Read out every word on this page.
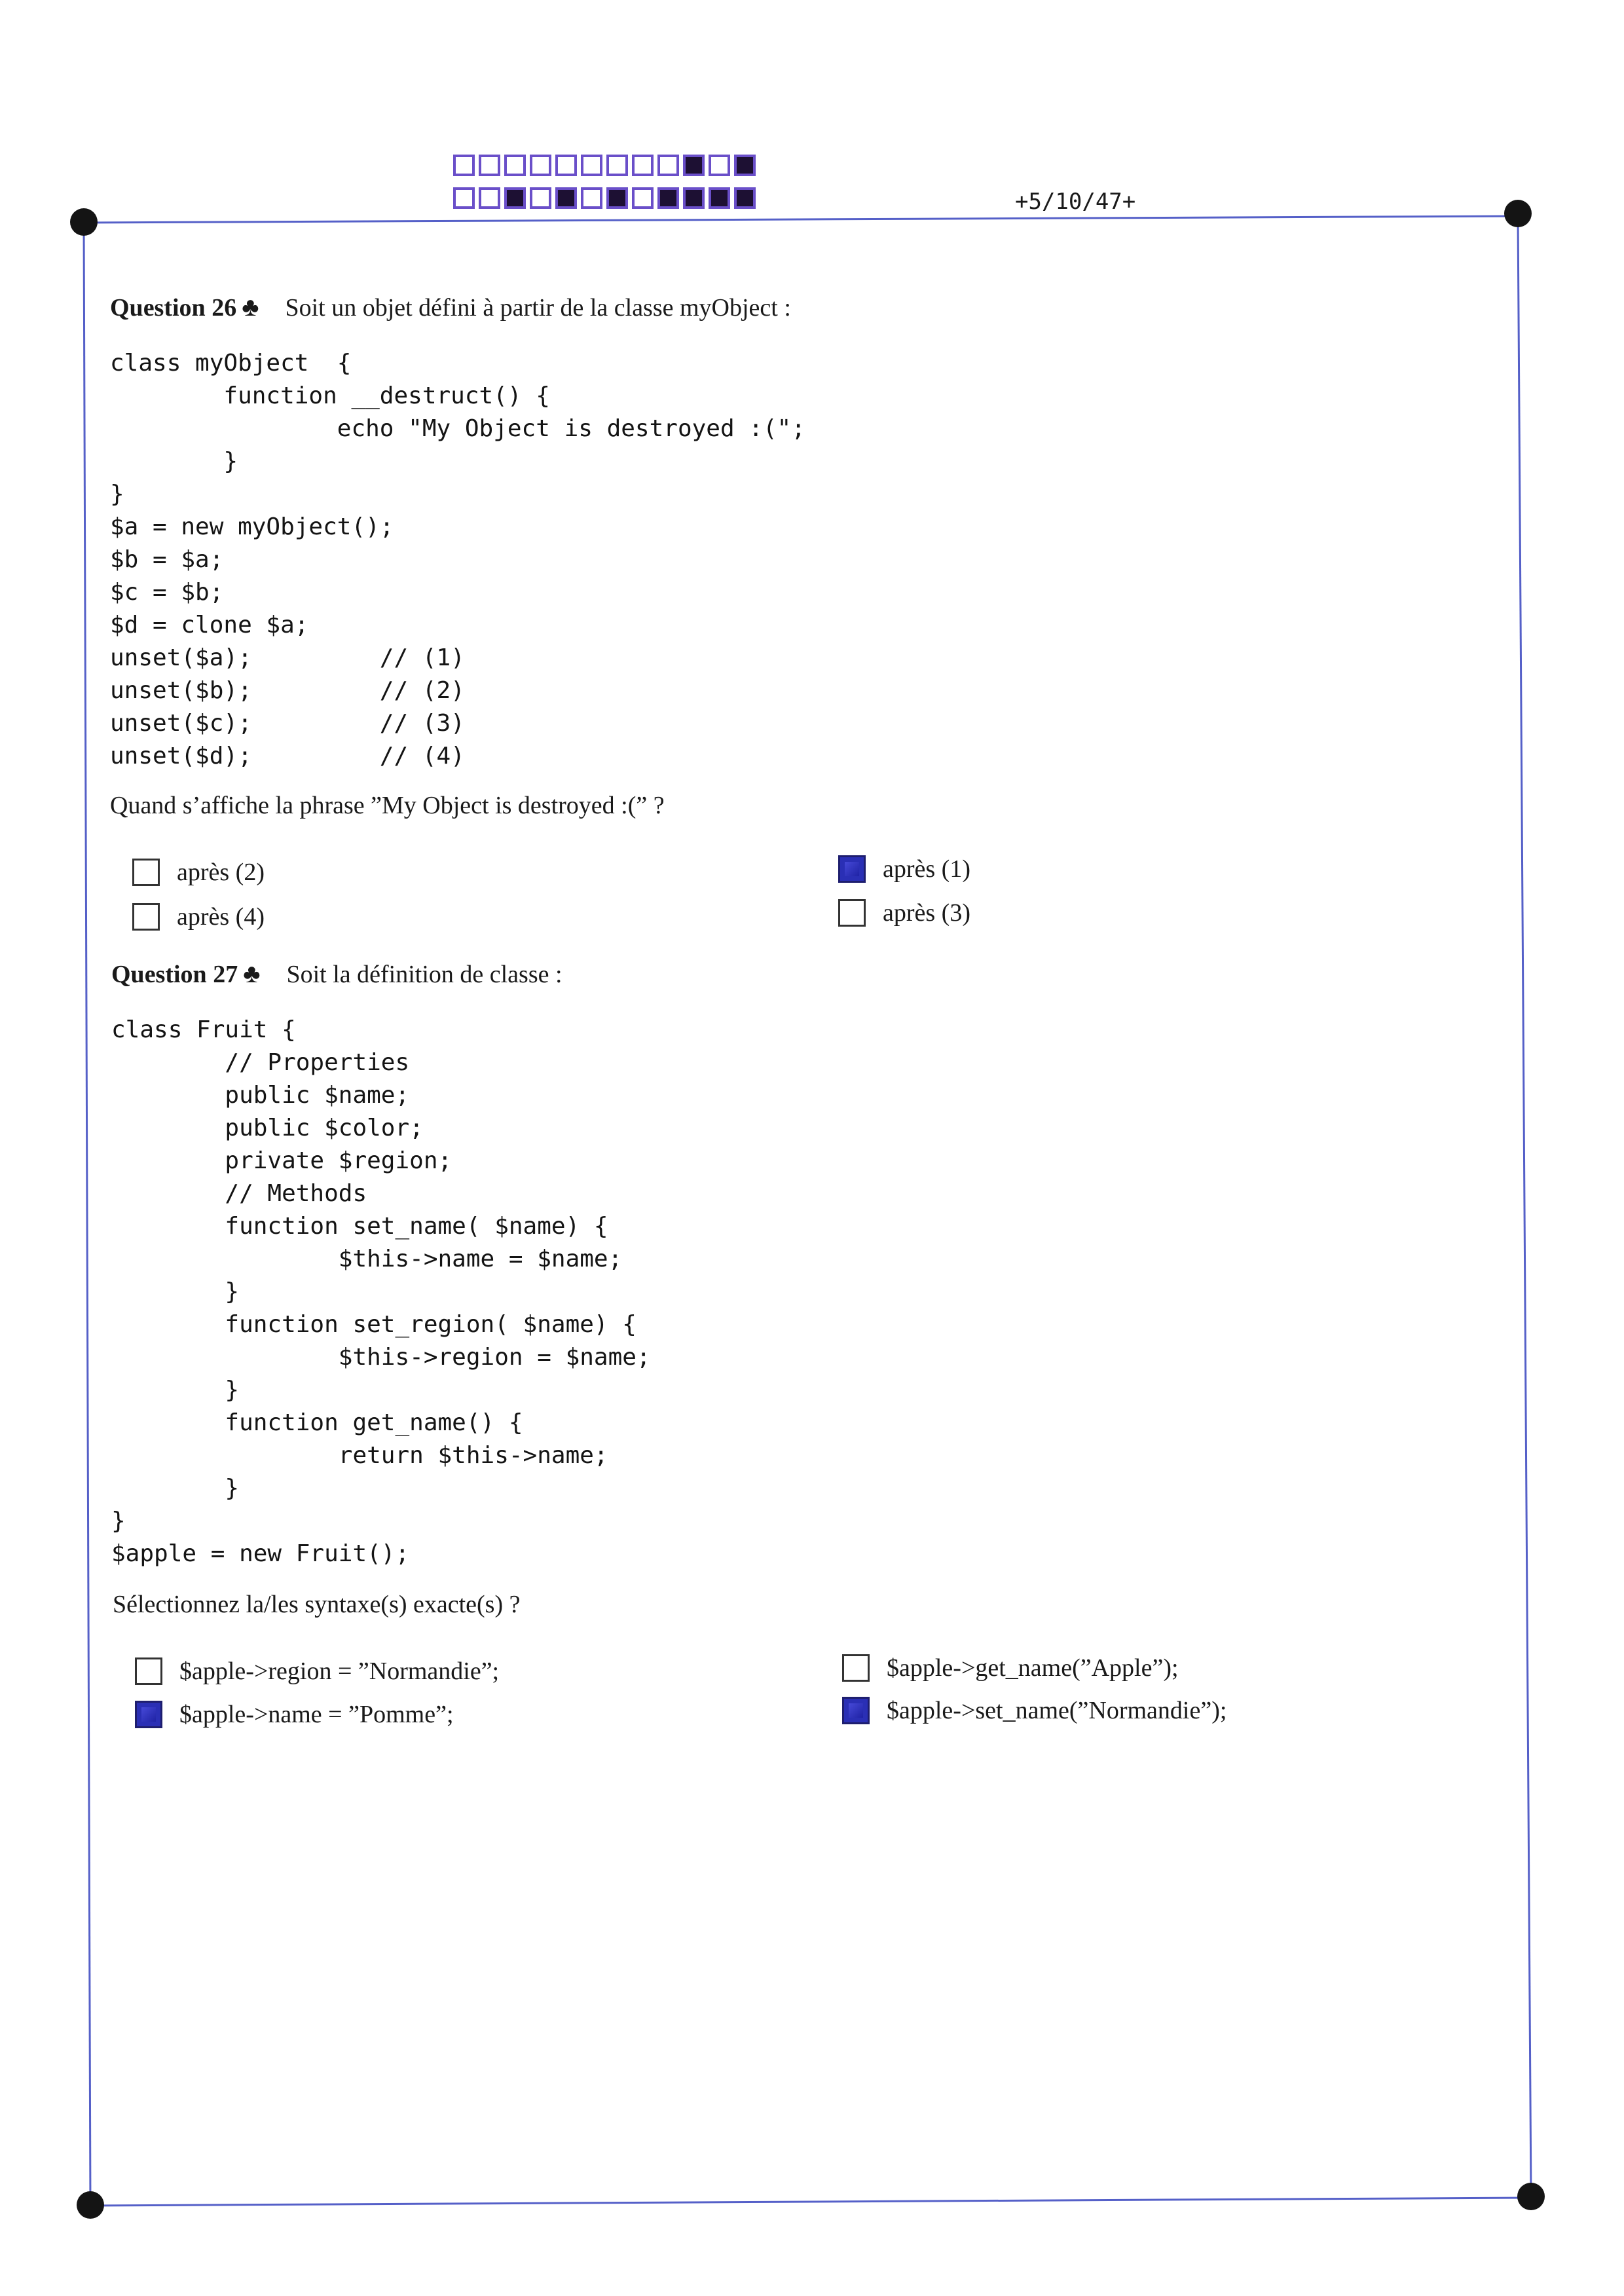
+5/10/47+
Question 26 ♣ Soit un objet défini à partir de la classe myObject :
class myObject  {
function __destruct() {
echo "My Object is destroyed :(";
}
}
$a = new myObject();
$b = $a;
$c = $b;
$d = clone $a;
unset($a);         // (1)
unset($b);         // (2)
unset($c);         // (3)
unset($d);         // (4)
Quand s’affiche la phrase ”My Object is destroyed :(” ?
après (2)
après (4)
après (1)
après (3)
Question 27 ♣ Soit la définition de classe :
class Fruit {
// Properties
public $name;
public $color;
private $region;
// Methods
function set_name( $name) {
$this->name = $name;
}
function set_region( $name) {
$this->region = $name;
}
function get_name() {
return $this->name;
}
}
$apple = new Fruit();
Sélectionnez la/les syntaxe(s) exacte(s) ?
$apple->region = ”Normandie”;
$apple->name = ”Pomme”;
$apple->get_name(”Apple”);
$apple->set_name(”Normandie”);
